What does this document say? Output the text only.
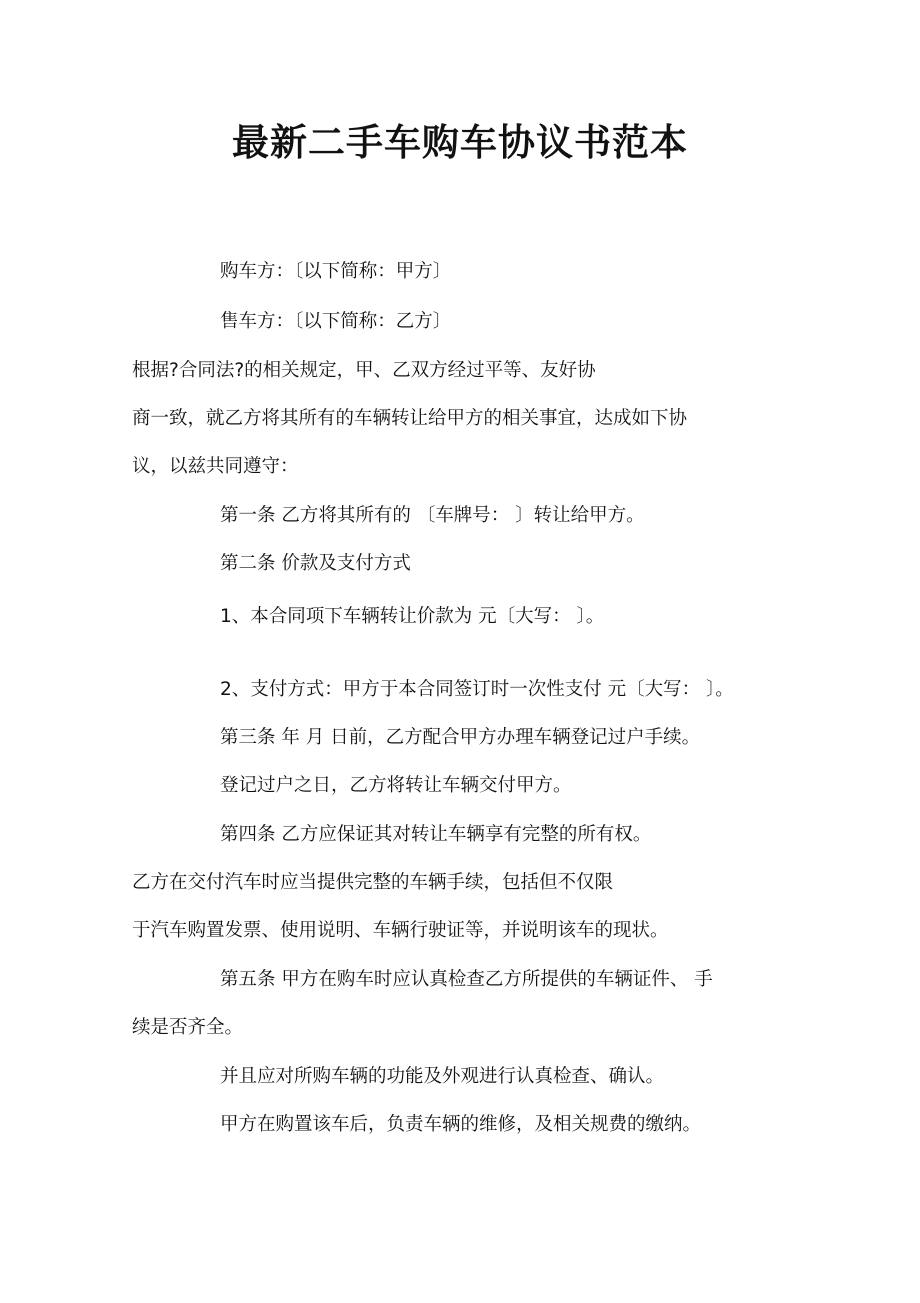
最新二手车购车协议书范本
购车方：〔以下简称：甲方〕
售车方：〔以下简称：乙方〕
根据?合同法?的相关规定，甲、乙双方经过平等、友好协
商一致，就乙方将其所有的车辆转让给甲方的相关事宜，达成如下协
议，以兹共同遵守：
第一条 乙方将其所有的 〔车牌号： 〕转让给甲方。
第二条 价款及支付方式
1、本合同项下车辆转让价款为 元〔大写： 〕。
2、支付方式：甲方于本合同签订时一次性支付 元〔大写： 〕。
第三条 年 月 日前，乙方配合甲方办理车辆登记过户手续。
登记过户之日，乙方将转让车辆交付甲方。
第四条 乙方应保证其对转让车辆享有完整的所有权。
乙方在交付汽车时应当提供完整的车辆手续，包括但不仅限
于汽车购置发票、使用说明、车辆行驶证等，并说明该车的现状。
第五条 甲方在购车时应认真检查乙方所提供的车辆证件、 手
续是否齐全。
并且应对所购车辆的功能及外观进行认真检查、确认。
甲方在购置该车后，负责车辆的维修，及相关规费的缴纳。
